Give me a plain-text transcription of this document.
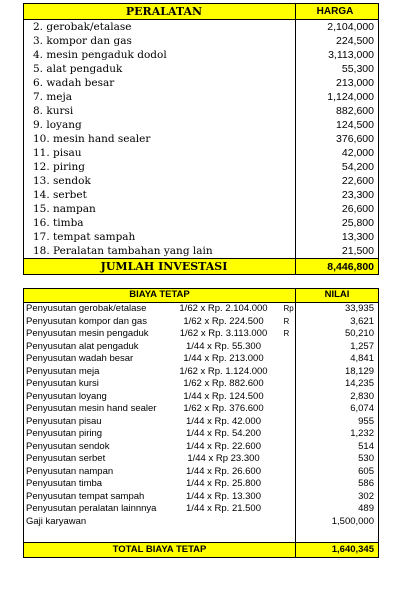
PERALATAN	HARGA
2. gerobak/etalase	2,104,000
3. kompor dan gas	224,500
4. mesin pengaduk dodol	3,113,000
5. alat pengaduk	55,300
6. wadah besar	213,000
7. meja	1,124,000
8. kursi	882,600
9. loyang	124,500
10. mesin hand sealer	376,600
11. pisau	42,000
12. piring	54,200
13. sendok	22,600
14. serbet	23,300
15. nampan	26,600
16. timba	25,800
17. tempat sampah	13,300
18. Peralatan tambahan yang lain	21,500
JUMLAH INVESTASI	8,446,800
BIAYA TETAP			NILAI
Penyusutan gerobak/etalase	1/62 x Rp. 2.104.000	Rp	33,935
Penyusutan kompor dan gas	1/62 x Rp. 224.500	R	3,621
Penyusutan mesin pengaduk	1/62 x Rp. 3.113.000	R	50,210
Penyusutan alat pengaduk	1/44 x Rp. 55.300		1,257
Penyusutan wadah besar	1/44 x Rp. 213.000		4,841
Penyusutan meja	1/62 x Rp. 1.124.000		18,129
Penyusutan kursi	1/62 x Rp. 882.600		14,235
Penyusutan loyang	1/44 x Rp. 124.500		2,830
Penyusutan mesin hand sealer	1/62 x Rp. 376.600		6,074
Penyusutan pisau	1/44 x Rp. 42.000		955
Penyusutan piring	1/44 x Rp. 54.200		1,232
Penyusutan sendok	1/44 x Rp. 22.600		514
Penyusutan serbet	1/44 x Rp 23.300		530
Penyusutan nampan	1/44 x Rp. 26.600		605
Penyusutan timba	1/44 x Rp. 25.800		586
Penyusutan tempat sampah	1/44 x Rp. 13.300		302
Penyusutan peralatan lainnnya	1/44 x Rp. 21.500		489
Gaji karyawan			1,500,000

TOTAL BIAYA TETAP			1,640,345
